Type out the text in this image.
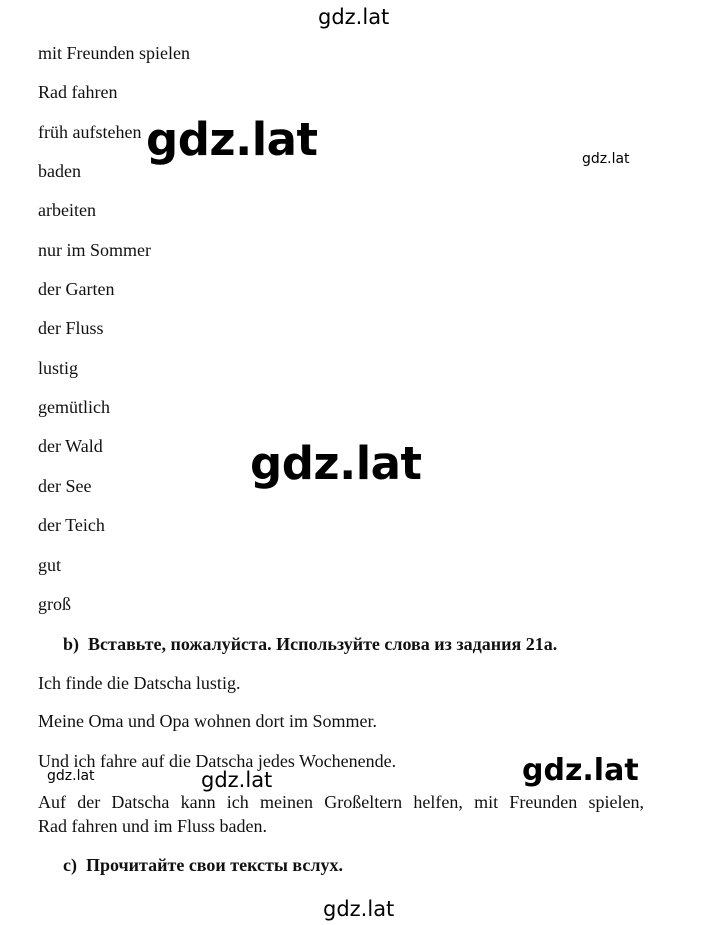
gdz.lat
mit Freunden spielen
Rad fahren
früh aufstehen
baden
arbeiten
nur im Sommer
der Garten
der Fluss
lustig
gemütlich
der Wald
der See
der Teich
gut
groß
gdz.lat	gdz.lat
gdz.lat
b) Вставьте, пожалуйста. Используйте слова из задания 21а.
Ich finde die Datscha lustig.
Meine Oma und Opa wohnen dort im Sommer.
Und ich fahre auf die Datscha jedes Wochenende.
gdz.lat	gdz.lat	gdz.lat
Auf der Datscha kann ich meinen Großeltern helfen, mit Freunden spielen,
Rad fahren und im Fluss baden.
c) Прочитайте свои тексты вслух.
gdz.lat
